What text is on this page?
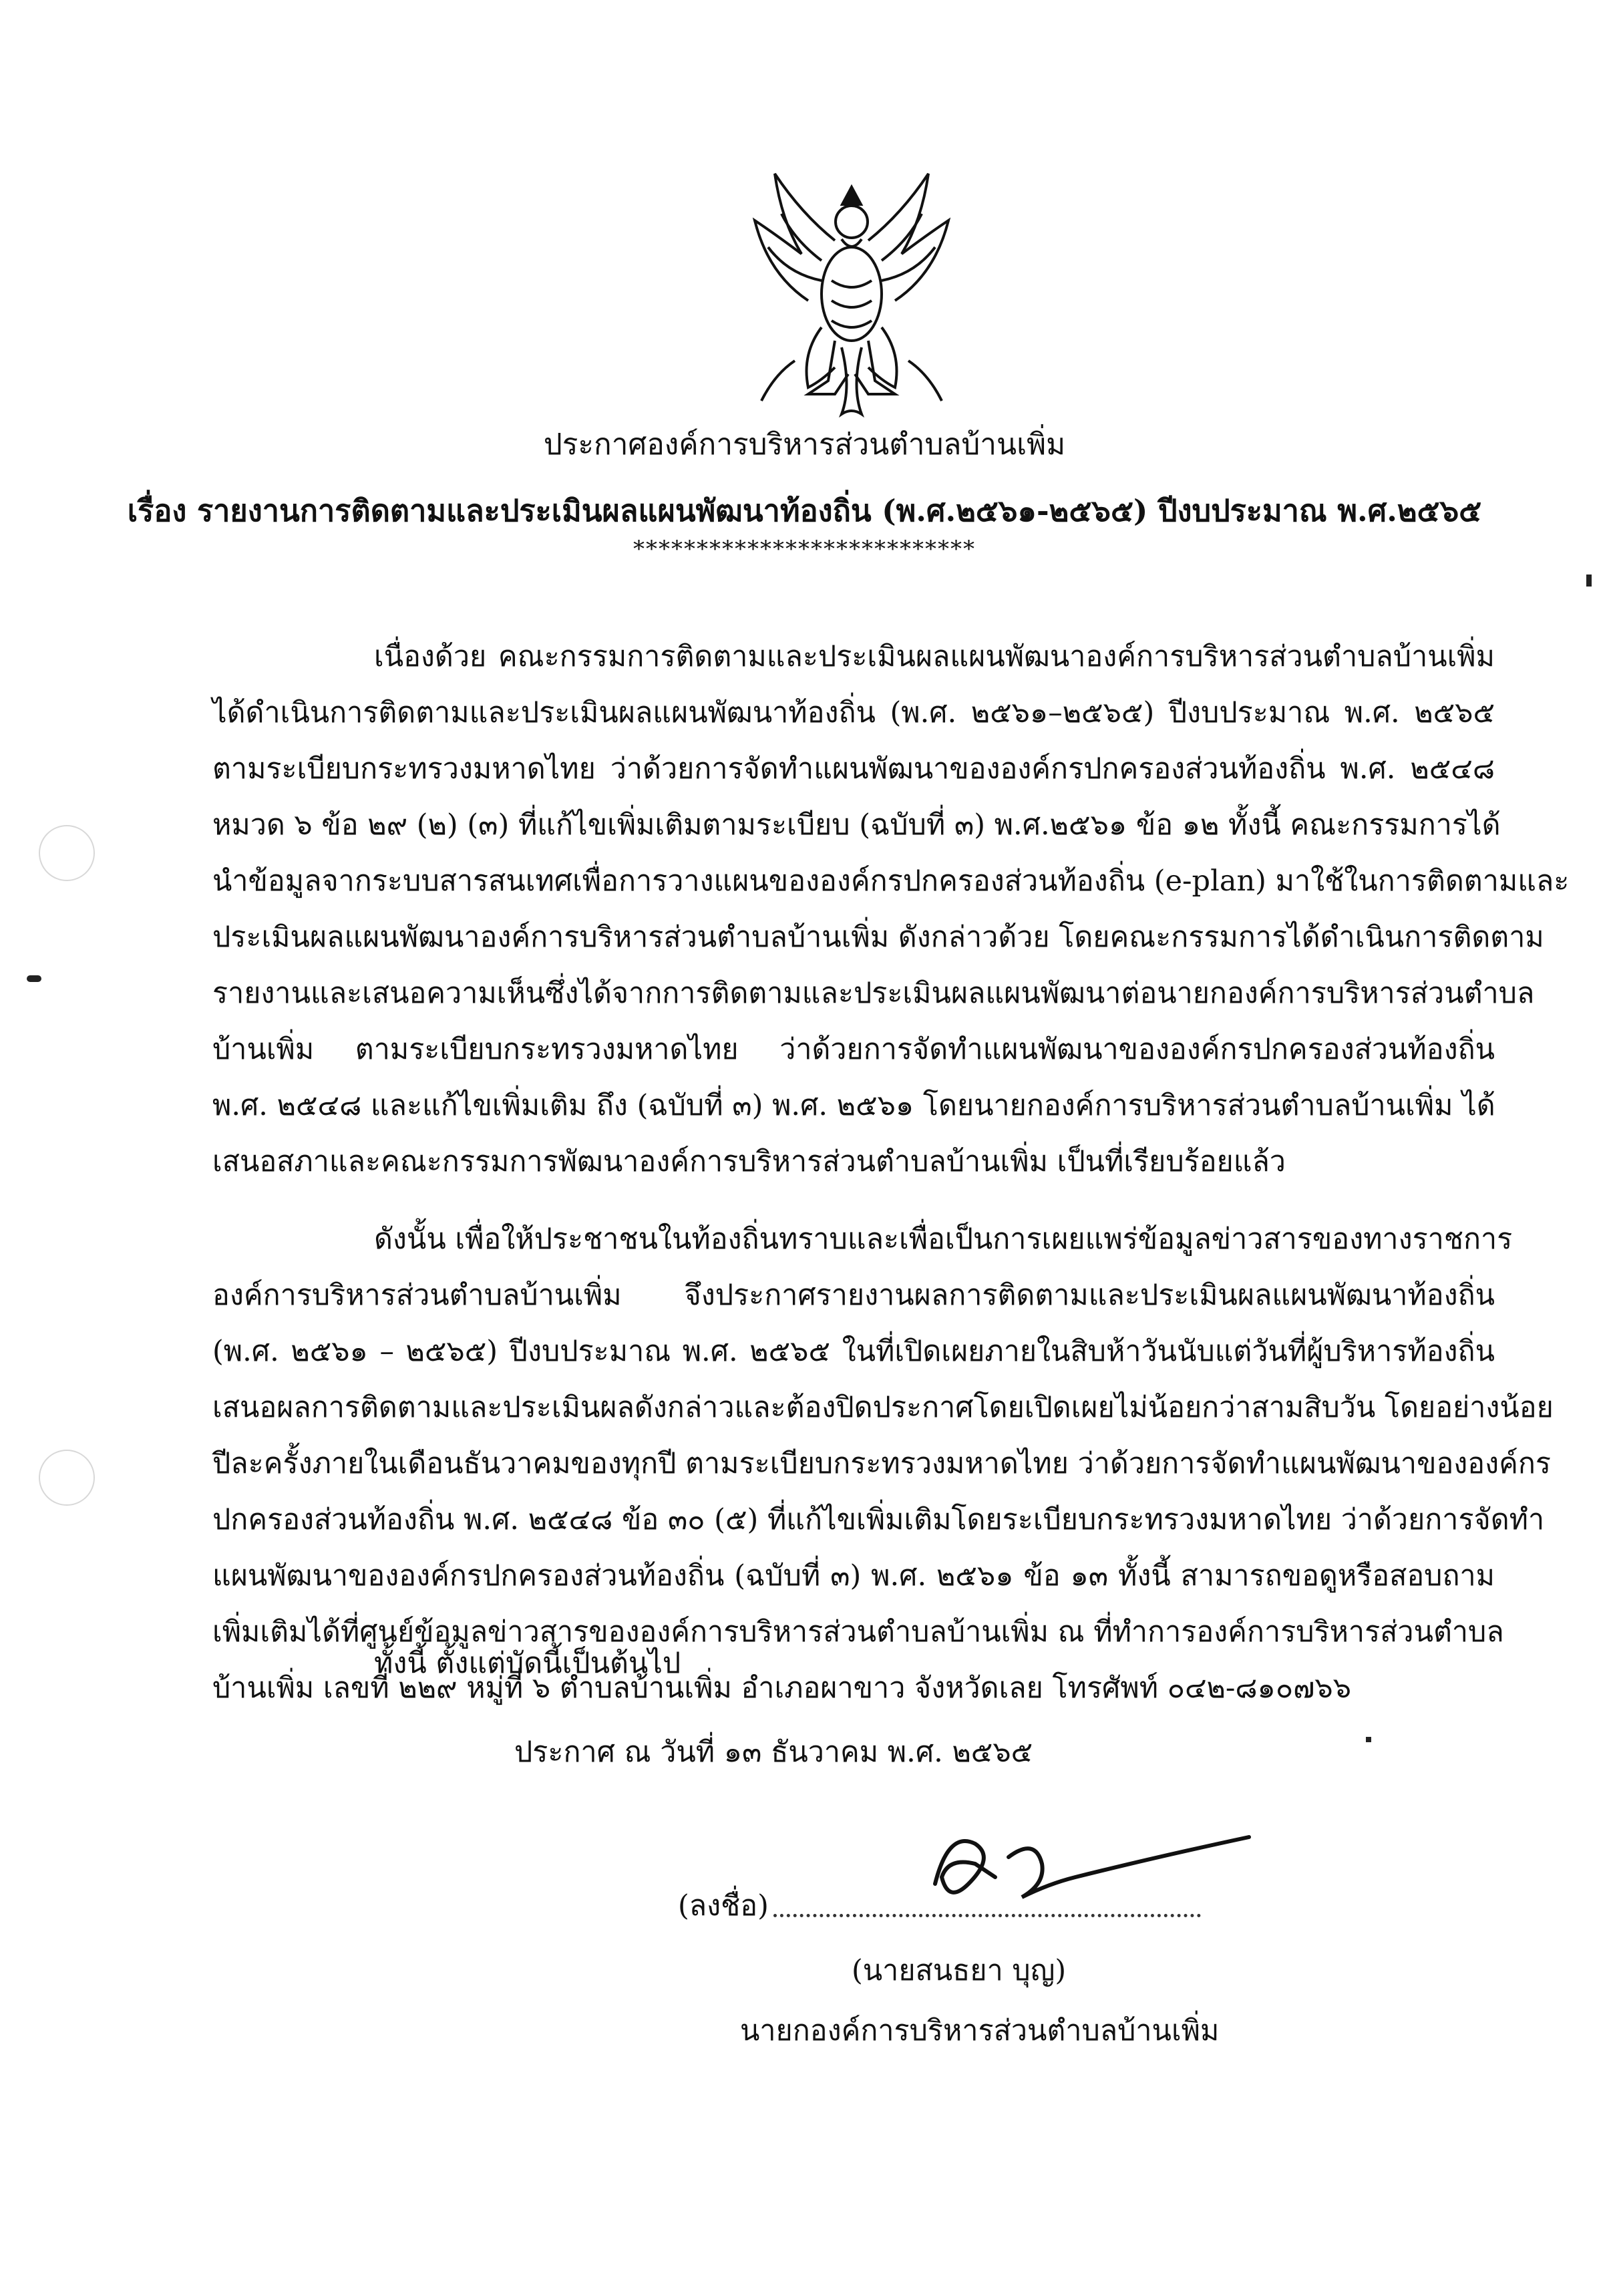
ประกาศองค์การบริหารส่วนตำบลบ้านเพิ่ม
เรื่อง รายงานการติดตามและประเมินผลแผนพัฒนาท้องถิ่น (พ.ศ.๒๕๖๑-๒๕๖๕) ปีงบประมาณ พ.ศ.๒๕๖๕
***************************
เนื่องด้วย คณะกรรมการติดตามและประเมินผลแผนพัฒนาองค์การบริหารส่วนตำบลบ้านเพิ่ม
ได้ดำเนินการติดตามและประเมินผลแผนพัฒนาท้องถิ่น (พ.ศ. ๒๕๖๑–๒๕๖๕) ปีงบประมาณ พ.ศ. ๒๕๖๕
ตามระเบียบกระทรวงมหาดไทย ว่าด้วยการจัดทำแผนพัฒนาขององค์กรปกครองส่วนท้องถิ่น พ.ศ. ๒๕๔๘
หมวด ๖ ข้อ ๒๙ (๒) (๓) ที่แก้ไขเพิ่มเติมตามระเบียบ (ฉบับที่ ๓) พ.ศ.๒๕๖๑ ข้อ ๑๒ ทั้งนี้ คณะกรรมการได้
นำข้อมูลจากระบบสารสนเทศเพื่อการวางแผนขององค์กรปกครองส่วนท้องถิ่น (e-plan) มาใช้ในการติดตามและ
ประเมินผลแผนพัฒนาองค์การบริหารส่วนตำบลบ้านเพิ่ม ดังกล่าวด้วย โดยคณะกรรมการได้ดำเนินการติดตาม
รายงานและเสนอความเห็นซึ่งได้จากการติดตามและประเมินผลแผนพัฒนาต่อนายกองค์การบริหารส่วนตำบล
บ้านเพิ่ม ตามระเบียบกระทรวงมหาดไทย ว่าด้วยการจัดทำแผนพัฒนาขององค์กรปกครองส่วนท้องถิ่น
พ.ศ. ๒๕๔๘ และแก้ไขเพิ่มเติม ถึง (ฉบับที่ ๓) พ.ศ. ๒๕๖๑ โดยนายกองค์การบริหารส่วนตำบลบ้านเพิ่ม ได้
เสนอสภาและคณะกรรมการพัฒนาองค์การบริหารส่วนตำบลบ้านเพิ่ม เป็นที่เรียบร้อยแล้ว
ดังนั้น เพื่อให้ประชาชนในท้องถิ่นทราบและเพื่อเป็นการเผยแพร่ข้อมูลข่าวสารของทางราชการ
องค์การบริหารส่วนตำบลบ้านเพิ่ม จึงประกาศรายงานผลการติดตามและประเมินผลแผนพัฒนาท้องถิ่น
(พ.ศ. ๒๕๖๑ – ๒๕๖๕) ปีงบประมาณ พ.ศ. ๒๕๖๕ ในที่เปิดเผยภายในสิบห้าวันนับแต่วันที่ผู้บริหารท้องถิ่น
เสนอผลการติดตามและประเมินผลดังกล่าวและต้องปิดประกาศโดยเปิดเผยไม่น้อยกว่าสามสิบวัน โดยอย่างน้อย
ปีละครั้งภายในเดือนธันวาคมของทุกปี ตามระเบียบกระทรวงมหาดไทย ว่าด้วยการจัดทำแผนพัฒนาขององค์กร
ปกครองส่วนท้องถิ่น พ.ศ. ๒๕๔๘ ข้อ ๓๐ (๕) ที่แก้ไขเพิ่มเติมโดยระเบียบกระทรวงมหาดไทย ว่าด้วยการจัดทำ
แผนพัฒนาขององค์กรปกครองส่วนท้องถิ่น (ฉบับที่ ๓) พ.ศ. ๒๕๖๑ ข้อ ๑๓ ทั้งนี้ สามารถขอดูหรือสอบถาม
เพิ่มเติมได้ที่ศูนย์ข้อมูลข่าวสารขององค์การบริหารส่วนตำบลบ้านเพิ่ม ณ ที่ทำการองค์การบริหารส่วนตำบล
บ้านเพิ่ม เลขที่ ๒๒๙ หมู่ที่ ๖ ตำบลบ้านเพิ่ม อำเภอผาขาว จังหวัดเลย โทรศัพท์ ๐๔๒-๘๑๐๗๖๖
ทั้งนี้ ตั้งแต่บัดนี้เป็นต้นไป
ประกาศ ณ วันที่ ๑๓ ธันวาคม พ.ศ. ๒๕๖๕
(ลงชื่อ)
(นายสนธยา บุญ)
นายกองค์การบริหารส่วนตำบลบ้านเพิ่ม
